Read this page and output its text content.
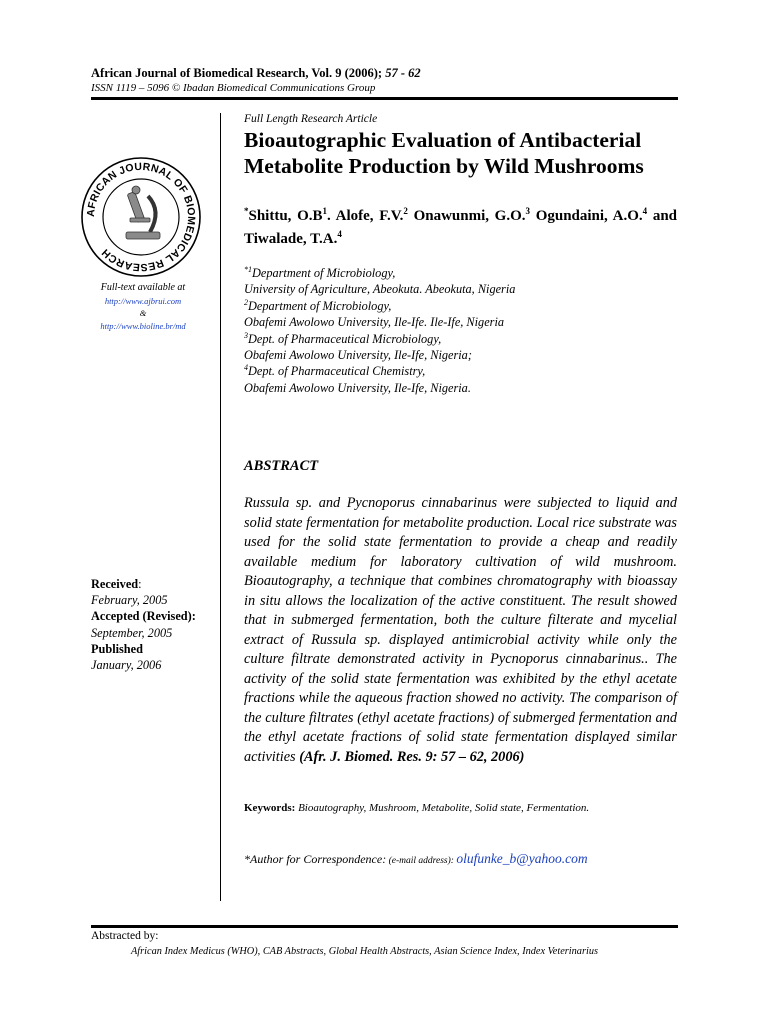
African Journal of Biomedical Research, Vol. 9 (2006); 57 - 62
ISSN 1119 – 5096 © Ibadan Biomedical Communications Group
AFRICAN JOURNAL OF BIOMEDICAL RESEARCH
Full-text available at
http://www.ajbrui.com
&
http://www.bioline.br/md
Received:
February, 2005
Accepted (Revised):
September, 2005
Published
January, 2006
Full Length Research Article
Bioautographic Evaluation of Antibacterial Metabolite Production by Wild Mushrooms
*Shittu, $O.B^1$. Alofe, F.V.$^2$ Onawunmi, G.O.$^3$ Ogundaini, A.O.$^4$ and Tiwalade, T.A.$^4$
$^{*1}$Department of Microbiology,
University of Agriculture, Abeokuta. Abeokuta, Nigeria
$^2$Department of Microbiology,
Obafemi Awolowo University, Ile-Ife. Ile-Ife, Nigeria
$^3$Dept. of Pharmaceutical Microbiology,
Obafemi Awolowo University, Ile-Ife, Nigeria;
$^4$Dept. of Pharmaceutical Chemistry,
Obafemi Awolowo University, Ile-Ife, Nigeria.
ABSTRACT
Russula sp. and Pycnoporus cinnabarinus were subjected to liquid and solid state fermentation for metabolite production. Local rice substrate was used for the solid state fermentation to provide a cheap and readily available medium for laboratory cultivation of wild mushroom. Bioautography, a technique that combines chromatography with bioassay in situ allows the localization of the active constituent. The result showed that in submerged fermentation, both the culture filterate and mycelial extract of Russula sp. displayed antimicrobial activity while only the culture filtrate demonstrated activity in Pycnoporus cinnabarinus.. The activity of the solid state fermentation was exhibited by the ethyl acetate fractions while the aqueous fraction showed no activity. The comparison of the culture filtrates (ethyl acetate fractions) of submerged fermentation and the ethyl acetate fractions of solid state fermentation displayed similar activities (Afr. J. Biomed. Res. 9: 57 – 62, 2006)
Keywords: Bioautography, Mushroom, Metabolite, Solid state, Fermentation.
*Author for Correspondence: (e-mail address): olufunke_b@yahoo.com
Abstracted by:
African Index Medicus (WHO), CAB Abstracts, Global Health Abstracts, Asian Science Index, Index Veterinarius
